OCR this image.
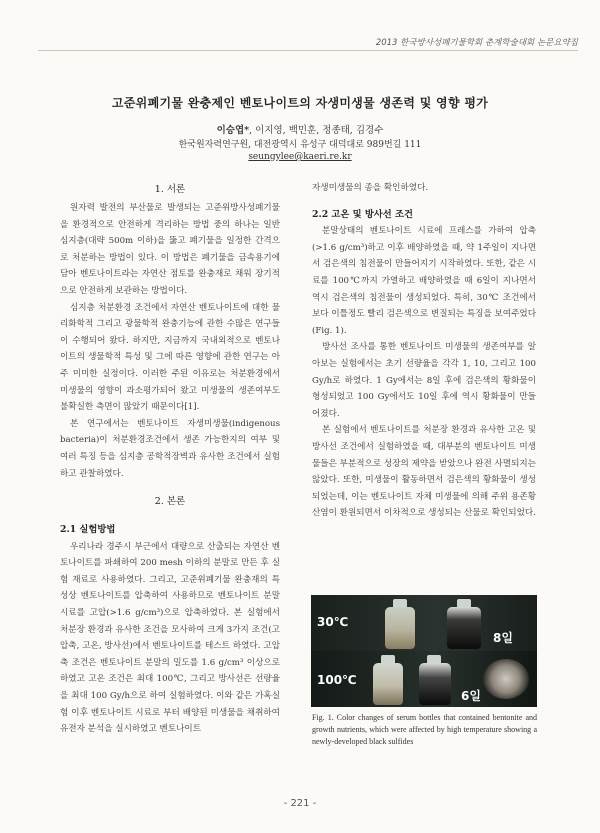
2013 한국방사성폐기물학회 춘계학술대회 논문요약집
고준위폐기물 완충제인 벤토나이트의 자생미생물 생존력 및 영향 평가
이승엽*, 이지영, 백민훈, 정종태, 김경수
한국원자력연구원, 대전광역시 유성구 대덕대로 989번길 111
seungylee@kaeri.re.kr

1. 서론

원자력 발전의 부산물로 발생되는 고준위방사성폐기물을 환경적으로 안전하게 격리하는 방법 중의 하나는 일반 심지층(대략 500m 이하)을 뚫고 폐기물을 일정한 간격으로 처분하는 방법이 있다. 이 방법은 폐기물을 금속용기에 담아 벤토나이트라는 자연산 점토를 완충재로 채워 장기적으로 안전하게 보관하는 방법이다.

심지층 처분환경 조건에서 자연산 벤토나이트에 대한 물리화학적 그리고 광물학적 완충기능에 관한 수많은 연구들이 수행되어 왔다. 하지만, 지금까지 국내외적으로 벤토나이트의 생물학적 특성 및 그에 따른 영향에 관한 연구는 아주 미미한 실정이다. 이러한 주된 이유로는 처분환경에서 미생물의 영향이 과소평가되어 왔고 미생물의 생존여부도 불확실한 측면이 많았기 때문이다[1].

본 연구에서는 벤토나이트 자생미생물(indigenous bacteria)이 처분환경조건에서 생존 가능한지의 여부 및 여러 특징 등을 심지층 공학적장벽과 유사한 조건에서 실험하고 관찰하였다.

2. 본론

2.1 실험방법

우리나라 경주시 부근에서 대량으로 산출되는 자연산 벤토나이트를 파쇄하여 200 mesh 이하의 분말로 만든 후 실험 재료로 사용하였다. 그리고, 고준위폐기물 완충재의 특성상 벤토나이트를 압축하여 사용하므로 벤토나이트 분말시료를 고압(>1.6 g/cm³)으로 압축하였다. 본 실험에서 처분장 환경과 유사한 조건을 모사하여 크게 3가지 조건(고압축, 고온, 방사선)에서 벤토나이트를 테스트 하였다. 고압축 조건은 벤토나이트 분말의 밀도를 1.6 g/cm³ 이상으로 하였고 고온 조건은 최대 100℃, 그리고 방사선은 선량율을 최대 100 Gy/h으로 하여 실험하였다. 이와 같은 가혹실험 이후 벤토나이트 시료로 부터 배양된 미생물을 채취하여 유전자 분석을 실시하였고 벤토나이트

자생미생물의 종을 확인하였다.

2.2 고온 및 방사선 조건

분말상태의 벤토나이트 시료에 프레스를 가하여 압축(>1.6 g/cm³)하고 이후 배양하였을 때, 약 1주일이 지나면서 검은색의 침전물이 만들어지기 시작하였다. 또한, 같은 시료를 100℃까지 가열하고 배양하였을 때 6일이 지나면서 역시 검은색의 침전물이 생성되었다. 특히, 30℃ 조건에서보다 이틀정도 빨리 검은색으로 변질되는 특징을 보여주었다(Fig. 1).

방사선 조사를 통한 벤토나이트 미생물의 생존여부를 알아보는 실험에서는 초기 선량율을 각각 1, 10, 그리고 100 Gy/h로 하였다. 1 Gy에서는 8일 후에 검은색의 황화물이 형성되었고 100 Gy에서도 10일 후에 역시 황화물이 만들어졌다.

본 실험에서 벤토나이트를 처분장 환경과 유사한 고온 및 방사선 조건에서 실험하였을 때, 대부분의 벤토나이트 미생물들은 부분적으로 성장의 제약을 받았으나 완전 사멸되지는 않았다. 또한, 미생물이 활동하면서 검은색의 황화물이 생성되었는데, 이는 벤토나이트 자체 미생물에 의해 주위 용존황산염이 환원되면서 이차적으로 생성되는 산물로 확인되었다.

30℃
8일
100℃
6일
Fig. 1. Color changes of serum bottles that contained bentonite and growth nutrients, which were affected by high temperature showing a newly-developed black sulfides
- 221 -
